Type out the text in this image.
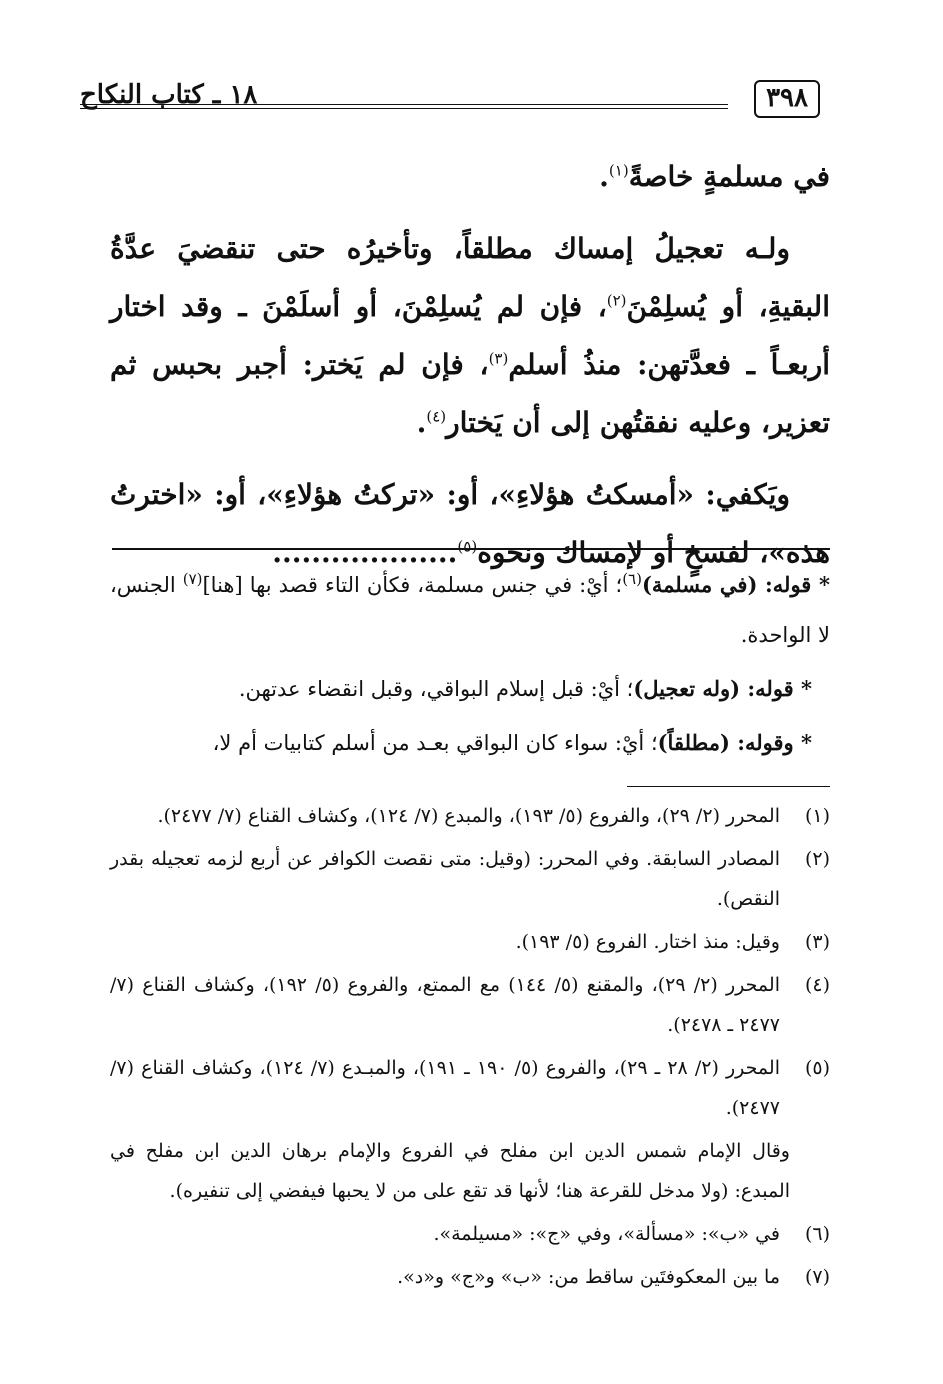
٣٩٨
١٨ ـ كتاب النكاح

في مسلمةٍ خاصةً$^{(١)}$.

ولـه تعجيلُ إمساك مطلقاً، وتأخيرُه حتى تنقضيَ عدَّةُ البقيةِ، أو يُسلِمْنَ$^{(٢)}$، فإن لم يُسلِمْنَ، أو أسلَمْنَ ـ وقد اختار أربعـاً ـ فعدَّتهن: منذُ أسلم$^{(٣)}$، فإن لم يَختر: أجبر بحبس ثم تعزير، وعليه نفقتُهن إلى أن يَختار$^{(٤)}$.

ويَكفي: «أمسكتُ هؤلاءِ»، أو: «تركتُ هؤلاءِ»، أو: «اخترتُ هذه»، لفسخٍ أو لإمساك ونحوه$^{(٥)}$...................

* قوله: (في مسلمة)$^{(٦)}$؛ أيْ: في جنس مسلمة، فكأن التاء قصد بها [هنا]$^{(٧)}$ الجنس، لا الواحدة.

* قوله: (وله تعجيل)؛ أيْ: قبل إسلام البواقي، وقبل انقضاء عدتهن.

* وقوله: (مطلقاً)؛ أيْ: سواء كان البواقي بعـد من أسلم كتابيات أم لا،

(١)
المحرر (٢/ ٢٩)، والفروع (٥/ ١٩٣)، والمبدع (٧/ ١٢٤)، وكشاف القناع (٧/ ٢٤٧٧).
(٢)
المصادر السابقة. وفي المحرر: (وقيل: متى نقصت الكوافر عن أربع لزمه تعجيله بقدر النقص).
(٣)
وقيل: منذ اختار. الفروع (٥/ ١٩٣).
(٤)
المحرر (٢/ ٢٩)، والمقنع (٥/ ١٤٤) مع الممتع، والفروع (٥/ ١٩٢)، وكشاف القناع (٧/ ٢٤٧٧ ـ ٢٤٧٨).
(٥)
المحرر (٢/ ٢٨ ـ ٢٩)، والفروع (٥/ ١٩٠ ـ ١٩١)، والمبـدع (٧/ ١٢٤)، وكشاف القناع (٧/ ٢٤٧٧).
وقال الإمام شمس الدين ابن مفلح في الفروع والإمام برهان الدين ابن مفلح في المبدع: (ولا مدخل للقرعة هنا؛ لأنها قد تقع على من لا يحبها فيفضي إلى تنفيره).
(٦)
في «ب»: «مسألة»، وفي «ج»: «مسيلمة».
(٧)
ما بين المعكوفتَين ساقط من: «ب» و«ج» و«د».
